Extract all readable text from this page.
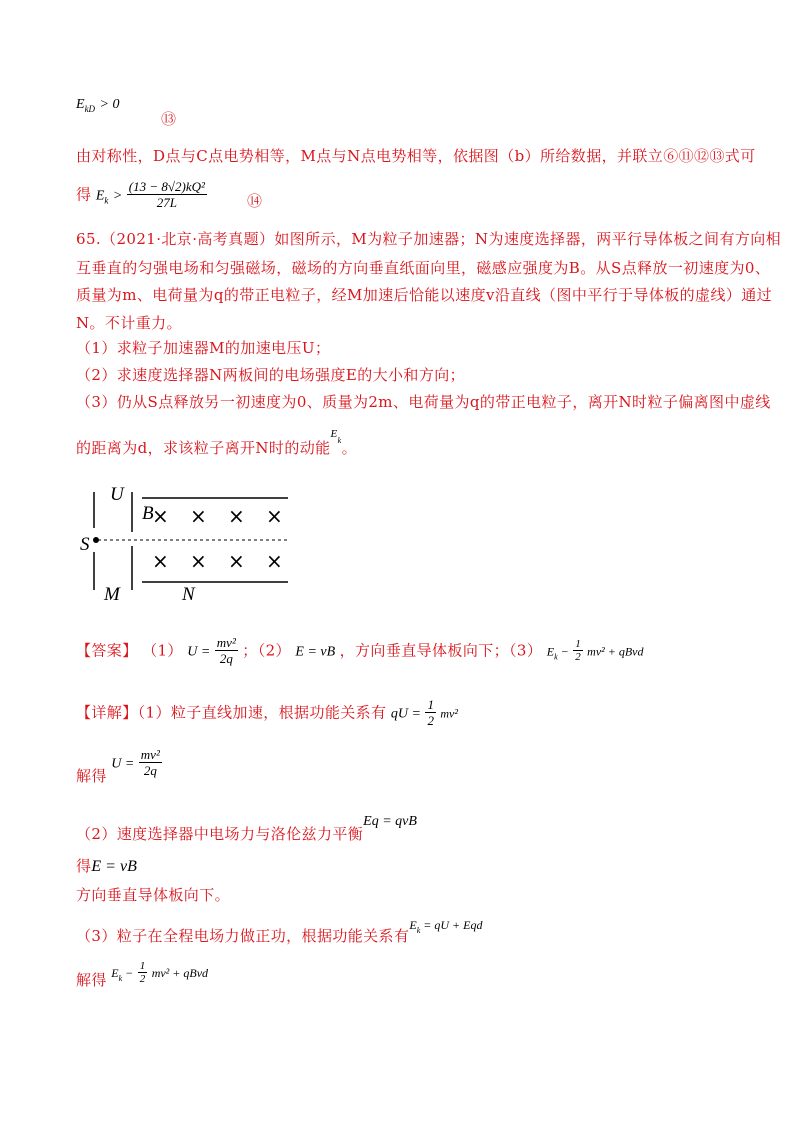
$E_{kD} > 0$
⑬
由对称性，D点与C点电势相等，M点与N点电势相等，依据图（b）所给数据，并联立⑥⑪⑫⑬式可
得 $E_k > \frac{\text{(13 − 8√2)kQ²}}{27L}$	⑭
65.（2021·北京·高考真题）如图所示，M为粒子加速器；N为速度选择器，两平行导体板之间有方向相
互垂直的匀强电场和匀强磁场，磁场的方向垂直纸面向里，磁感应强度为B。从S点释放一初速度为0、
质量为m、电荷量为q的带正电粒子，经M加速后恰能以速度v沿直线（图中平行于导体板的虚线）通过
N。不计重力。
（1）求粒子加速器M的加速电压U；
（2）求速度选择器N两板间的电场强度E的大小和方向；
（3）仍从S点释放另一初速度为0、质量为2m、电荷量为q的带正电粒子，离开N时粒子偏离图中虚线
的距离为d，求该粒子离开N时的动能$^E_k$。
U
S
M
B
N
× × × ×
× × × ×
【答案】 （1） $U = \frac{\text{mv²}}{2q}$ ；（2） E = vB ，方向垂直导体板向下；（3） $E_k - \frac{1}{2} mv^2$ + qBvd
【详解】（1）粒子直线加速，根据功能关系有 qU = $\frac{1}{2} mv^2$
解得 $U = \frac{\text{mv²}}{2q}$
（2）速度选择器中电场力与洛伦兹力平衡Eq = qvB
得E = vB
方向垂直导体板向下。
（3）粒子在全程电场力做正功，根据功能关系有$E_k$ = qU + Eqd
解得 $E_k - \frac{1}{2} mv^2$ + qBvd
